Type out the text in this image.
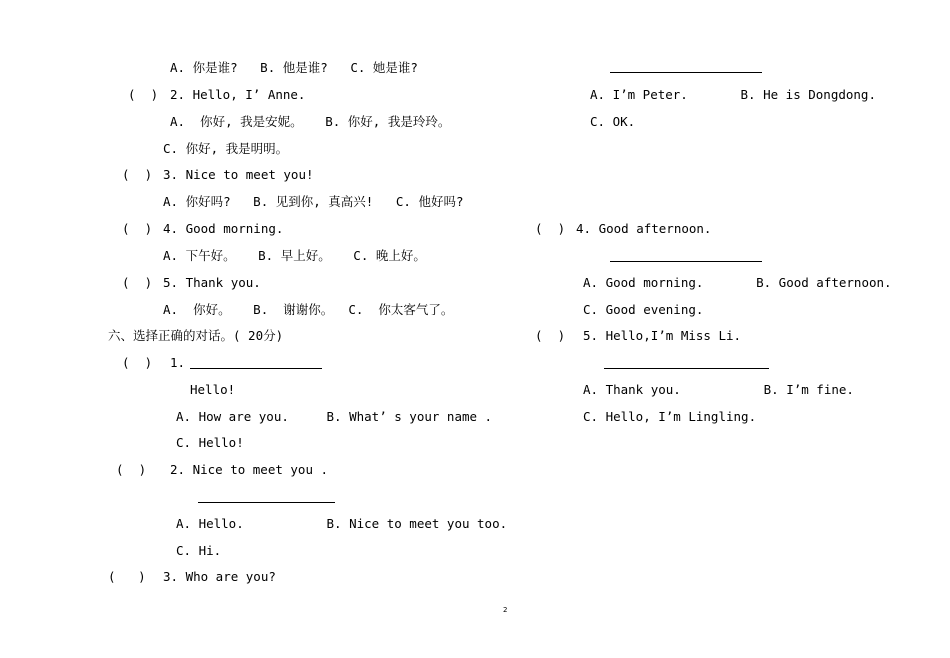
A. 你是谁?   B. 他是谁?   C. 她是谁?
(  ) 2. Hello, I’ Anne.
A.  你好, 我是安妮。   B. 你好, 我是玲玲。
C. 你好, 我是明明。
(  ) 3. Nice to meet you!
A. 你好吗?   B. 见到你, 真高兴!   C. 他好吗?
(  ) 4. Good morning.
A. 下午好。   B. 早上好。   C. 晚上好。
(  ) 5. Thank you.
A.  你好。   B.  谢谢你。  C.  你太客气了。
六、选择正确的对话。( 20分)
(  ) 1.
Hello!
A. How are you.     B. What’ s your name .
C. Hello!
(  ) 2. Nice to meet you .
A. Hello.           B. Nice to meet you too.
C. Hi.
(   ) 3. Who are you?
A. I’m Peter.       B. He is Dongdong.
C. OK.
(  ) 4. Good afternoon.
A. Good morning.       B. Good afternoon.
C. Good evening.
(  ) 5. Hello,I’m Miss Li.
A. Thank you.           B. I’m fine.
C. Hello, I’m Lingling.
2
